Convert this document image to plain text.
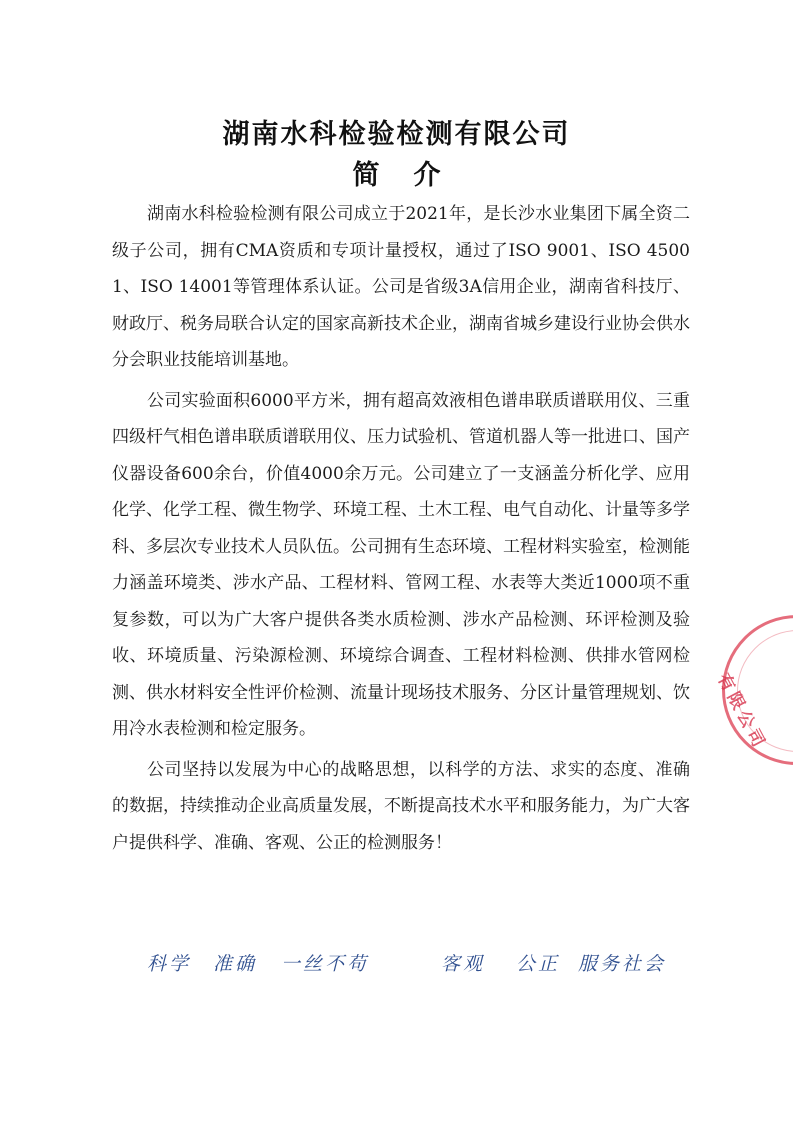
湖南水科检验检测有限公司
简介

湖南水科检验检测有限公司成立于2021年，是长沙水业集团下属全资二级子公司，拥有CMA资质和专项计量授权，通过了ISO 9001、ISO 45001、ISO 14001等管理体系认证。公司是省级3A信用企业，湖南省科技厅、财政厅、税务局联合认定的国家高新技术企业，湖南省城乡建设行业协会供水分会职业技能培训基地。

公司实验面积6000平方米，拥有超高效液相色谱串联质谱联用仪、三重四级杆气相色谱串联质谱联用仪、压力试验机、管道机器人等一批进口、国产仪器设备600余台，价值4000余万元。公司建立了一支涵盖分析化学、应用化学、化学工程、微生物学、环境工程、土木工程、电气自动化、计量等多学科、多层次专业技术人员队伍。公司拥有生态环境、工程材料实验室，检测能力涵盖环境类、涉水产品、工程材料、管网工程、水表等大类近1000项不重复参数，可以为广大客户提供各类水质检测、涉水产品检测、环评检测及验收、环境质量、污染源检测、环境综合调查、工程材料检测、供排水管网检测、供水材料安全性评价检测、流量计现场技术服务、分区计量管理规划、饮用冷水表检测和检定服务。

公司坚持以发展为中心的战略思想，以科学的方法、求实的态度、准确的数据，持续推动企业高质量发展，不断提高技术水平和服务能力，为广大客户提供科学、准确、客观、公正的检测服务！

科学 准确 一丝不苟	客观 公正 服务社会
有限公司
